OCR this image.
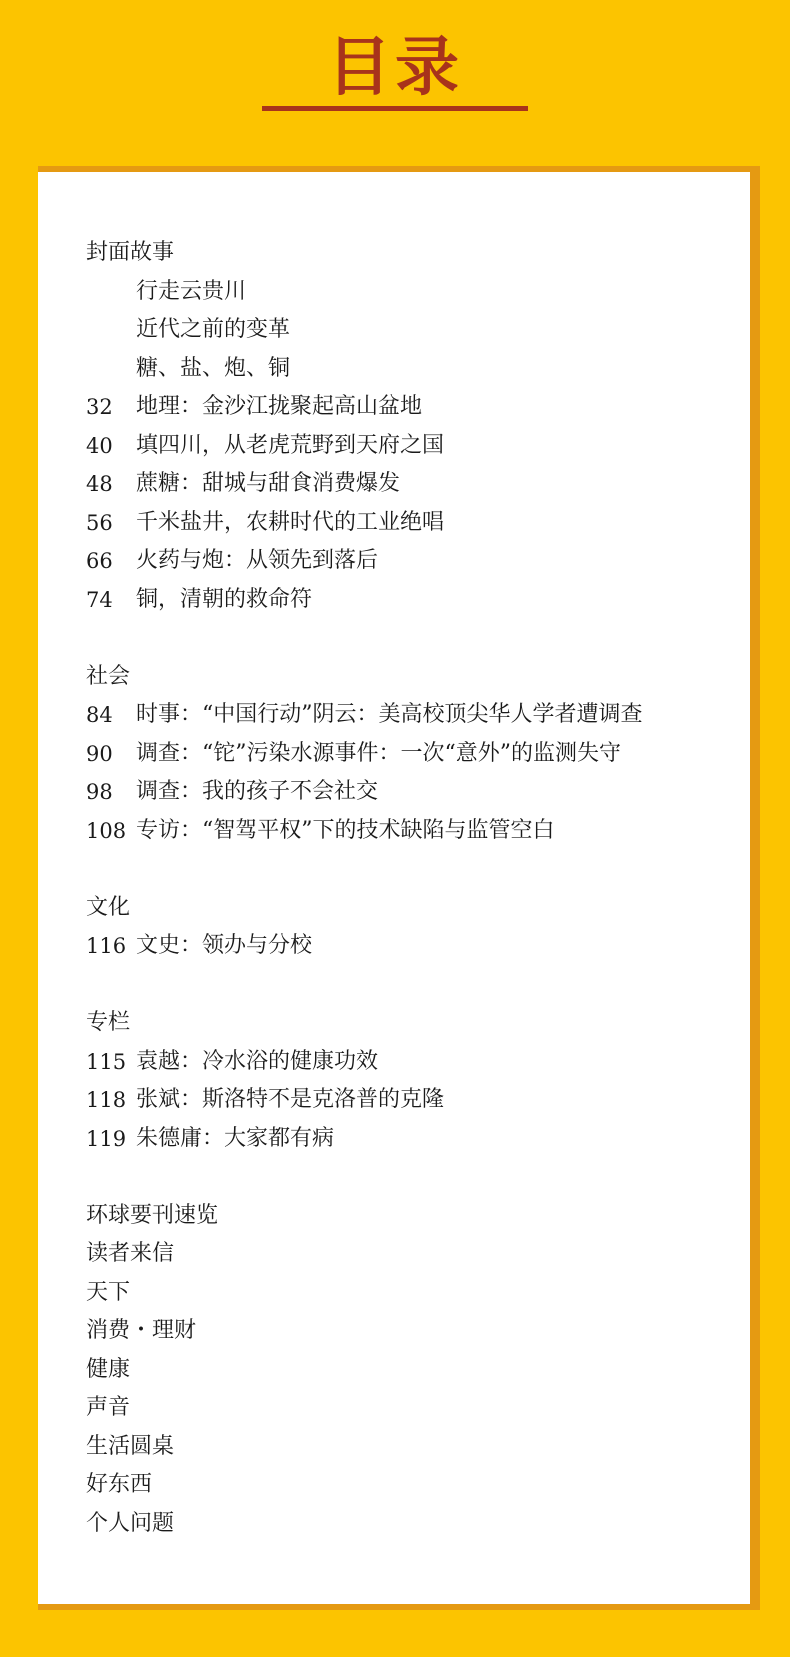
目录
封面故事
行走云贵川
近代之前的变革
糖、盐、炮、铜
32	地理：金沙江拢聚起高山盆地
40	填四川，从老虎荒野到天府之国
48	蔗糖：甜城与甜食消费爆发
56	千米盐井，农耕时代的工业绝唱
66	火药与炮：从领先到落后
74	铜，清朝的救命符
社会
84	时事：“中国行动”阴云：美高校顶尖华人学者遭调查
90	调查：“铊”污染水源事件：一次“意外”的监测失守
98	调查：我的孩子不会社交
108 专访：“智驾平权”下的技术缺陷与监管空白
文化
116 文史：领办与分校
专栏
115 袁越：冷水浴的健康功效
118 张斌：斯洛特不是克洛普的克隆
119 朱德庸：大家都有病
环球要刊速览
读者来信
天下
消费・理财
健康
声音
生活圆桌
好东西
个人问题
